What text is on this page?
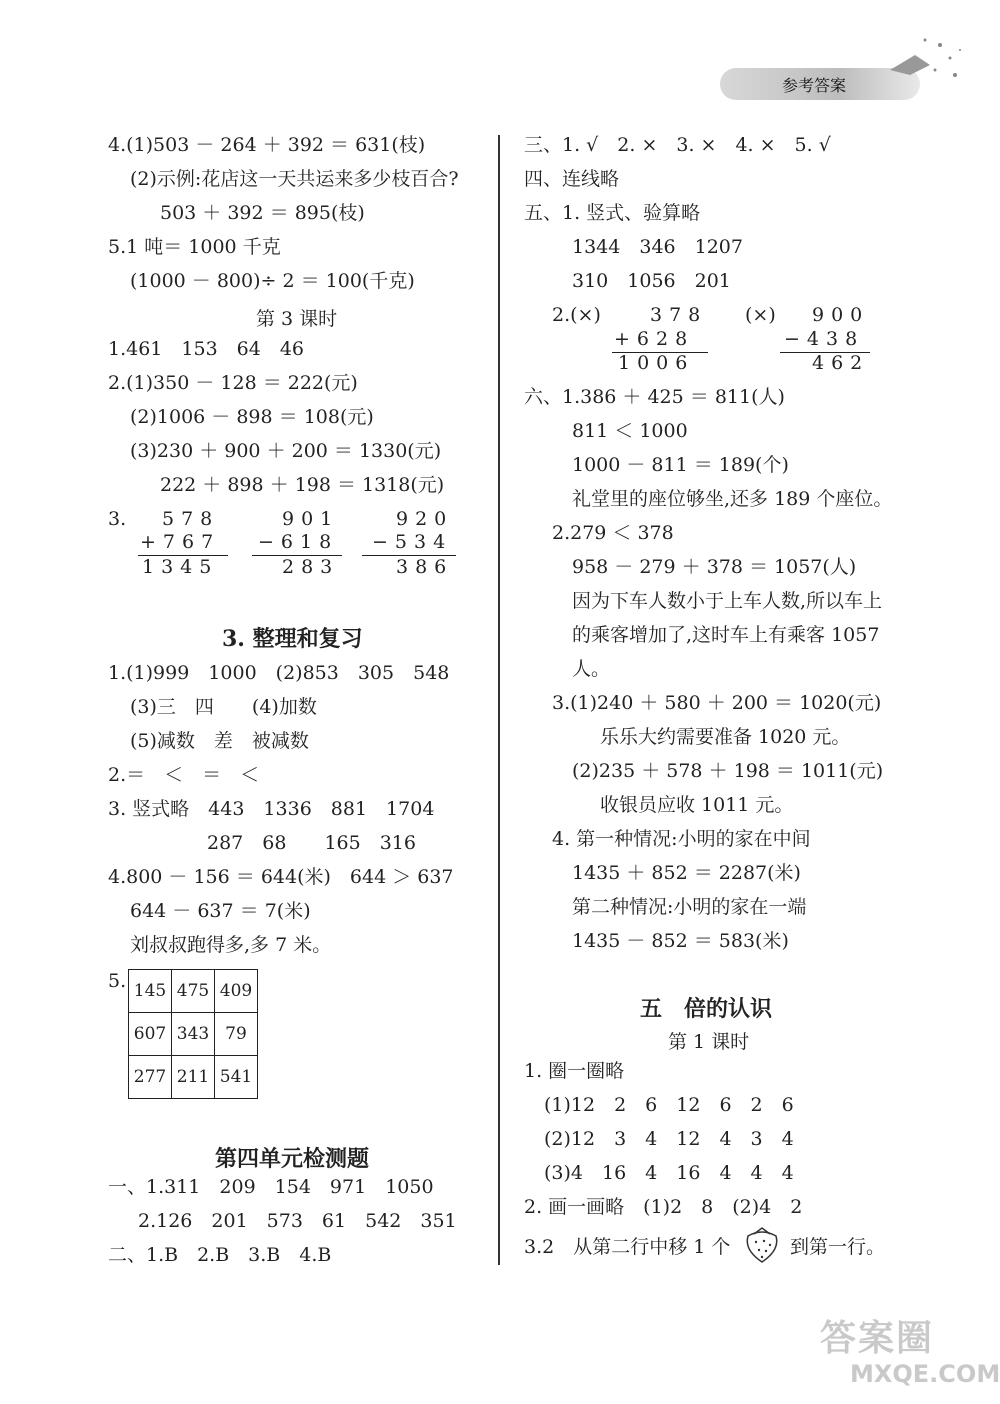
参考答案
4.(1)503 － 264 ＋ 392 ＝ 631(枝)
(2)示例:花店这一天共运来多少枝百合?
503 ＋ 392 ＝ 895(枝)
5.1 吨＝ 1000 千克
(1000 － 800)÷ 2 ＝ 100(千克)
第 3 课时
1.461　153　64　46
2.(1)350 － 128 ＝ 222(元)
(2)1006 － 898 ＝ 108(元)
(3)230 ＋ 900 ＋ 200 ＝ 1330(元)
222 ＋ 898 ＋ 198 ＝ 1318(元)
3. 578
+767
1345
901
−618
283
920
−534
386
3. 整理和复习
1.(1)999　1000　(2)853　305　548
(3)三　四　　(4)加数
(5)减数　差　被减数
2.＝　＜　＝　＜
3. 竖式略　443　1336　881　1704
287　68　　165　316
4.800 － 156 ＝ 644(米)　644 ＞ 637
644 － 637 ＝ 7(米)
刘叔叔跑得多,多 7 米。
5. 145	475	409
607	343	79
277	211	541
第四单元检测题
一、1.311　209　154　971　1050
2.126　201　573　61　542　351
二、1.B　2.B　3.B　4.B
三、1. √　2. ×　3. ×　4. ×　5. √
四、连线略
五、1. 竖式、验算略
1344　346　1207
310　1056　201
2.(×)	(×)
378
+628
1006
900
−438
462
六、1.386 ＋ 425 ＝ 811(人)
811 ＜ 1000
1000 － 811 ＝ 189(个)
礼堂里的座位够坐,还多 189 个座位。
2.279 ＜ 378
958 － 279 ＋ 378 ＝ 1057(人)
因为下车人数小于上车人数,所以车上
的乘客增加了,这时车上有乘客 1057
人。
3.(1)240 ＋ 580 ＋ 200 ＝ 1020(元)
乐乐大约需要准备 1020 元。
(2)235 ＋ 578 ＋ 198 ＝ 1011(元)
收银员应收 1011 元。
4. 第一种情况:小明的家在中间
1435 ＋ 852 ＝ 2287(米)
第二种情况:小明的家在一端
1435 － 852 ＝ 583(米)
五　倍的认识
第 1 课时
1. 圈一圈略
(1)12　2　6　12　6　2　6
(2)12　3　4　12　4　3　4
(3)4　16　4　16　4　4　4
2. 画一画略　(1)2　8　(2)4　2
3.2　从第二行中移 1 个	到第一行。
答案圈
MXQE.COM
